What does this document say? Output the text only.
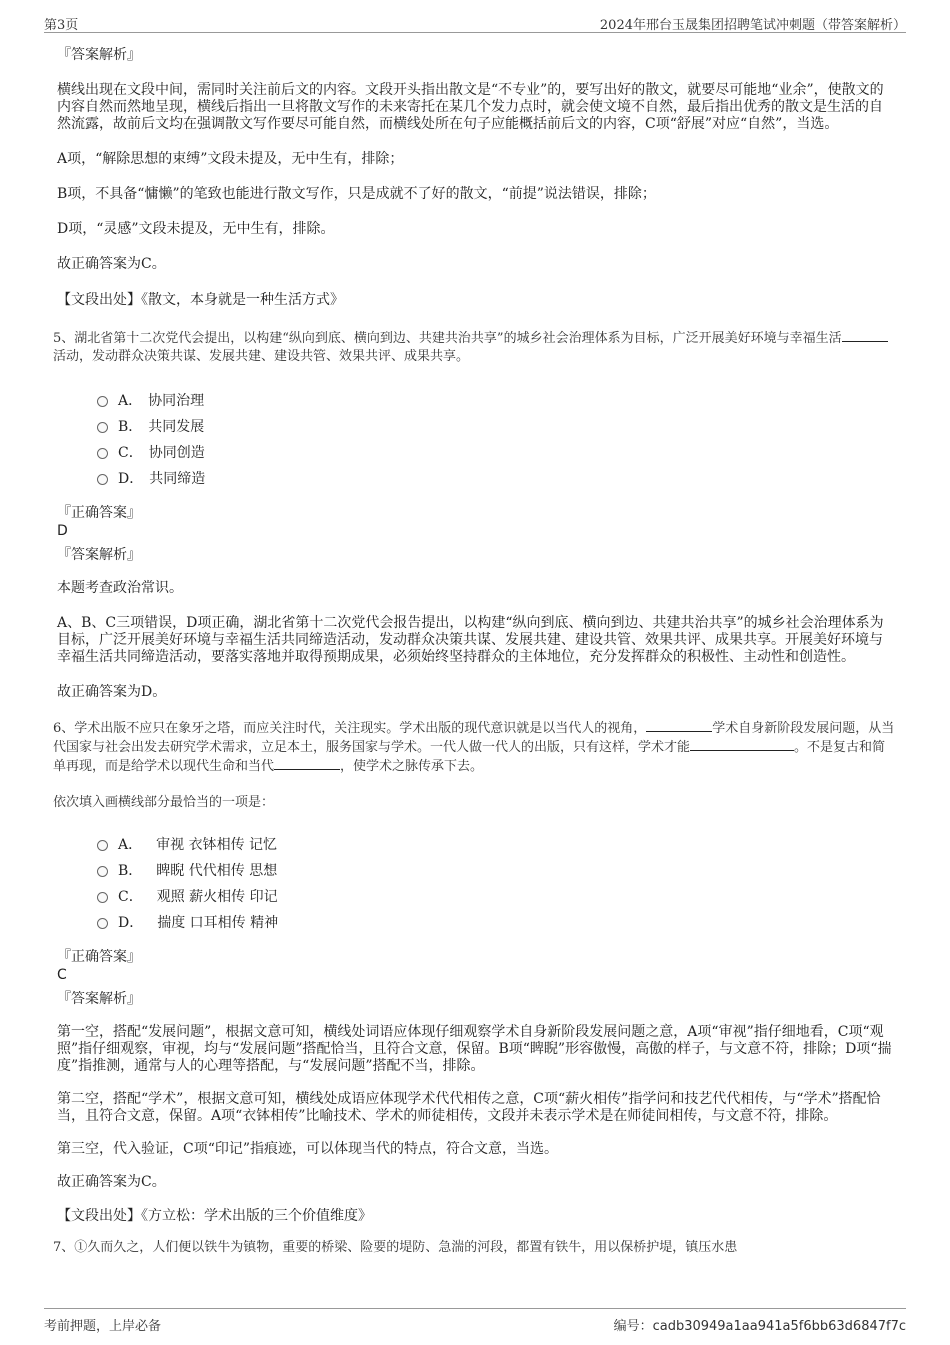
第3页	2024年邢台玉晟集团招聘笔试冲刺题（带答案解析）
『答案解析』

横线出现在文段中间，需同时关注前后文的内容。文段开头指出散文是“不专业”的，要写出好的散文，就要尽可能地“业余”，使散文的内容自然而然地呈现，横线后指出一旦将散文写作的未来寄托在某几个发力点时，就会使文境不自然，最后指出优秀的散文是生活的自然流露，故前后文均在强调散文写作要尽可能自然，而横线处所在句子应能概括前后文的内容，C项“舒展”对应“自然”，当选。

A项，“解除思想的束缚”文段未提及，无中生有，排除；

B项，不具备“慵懒”的笔致也能进行散文写作，只是成就不了好的散文，“前提”说法错误，排除；

D项，“灵感”文段未提及，无中生有，排除。

故正确答案为C。

【文段出处】《散文，本身就是一种生活方式》

5、湖北省第十二次党代会提出，以构建“纵向到底、横向到边、共建共治共享”的城乡社会治理体系为目标，广泛开展美好环境与幸福生活活动，发动群众决策共谋、发展共建、建设共管、效果共评、成果共享。

A． 协同治理
B． 共同发展
C． 协同创造
D． 共同缔造
『正确答案』
D
『答案解析』

本题考查政治常识。

A、B、C三项错误，D项正确，湖北省第十二次党代会报告提出，以构建“纵向到底、横向到边、共建共治共享”的城乡社会治理体系为目标，广泛开展美好环境与幸福生活共同缔造活动，发动群众决策共谋、发展共建、建设共管、效果共评、成果共享。开展美好环境与幸福生活共同缔造活动，要落实落地并取得预期成果，必须始终坚持群众的主体地位，充分发挥群众的积极性、主动性和创造性。

故正确答案为D。

6、学术出版不应只在象牙之塔，而应关注时代，关注现实。学术出版的现代意识就是以当代人的视角，	学术自身新阶段发展问题，从当代国家与社会出发去研究学术需求，立足本土，服务国家与学术。一代人做一代人的出版，只有这样，学术才能	。不是复古和简单再现，而是给学术以现代生命和当代	，使学术之脉传承下去。

依次填入画横线部分最恰当的一项是：

A． 审视 衣钵相传 记忆
B． 睥睨 代代相传 思想
C． 观照 薪火相传 印记
D． 揣度 口耳相传 精神
『正确答案』
C
『答案解析』

第一空，搭配“发展问题”，根据文意可知，横线处词语应体现仔细观察学术自身新阶段发展问题之意，A项“审视”指仔细地看，C项“观照”指仔细观察，审视，均与“发展问题”搭配恰当，且符合文意，保留。B项“睥睨”形容傲慢，高傲的样子，与文意不符，排除；D项“揣度”指推测，通常与人的心理等搭配，与“发展问题”搭配不当，排除。

第二空，搭配“学术”，根据文意可知，横线处成语应体现学术代代相传之意，C项“薪火相传”指学问和技艺代代相传，与“学术”搭配恰当，且符合文意，保留。A项“衣钵相传”比喻技术、学术的师徒相传，文段并未表示学术是在师徒间相传，与文意不符，排除。

第三空，代入验证，C项“印记”指痕迹，可以体现当代的特点，符合文意，当选。

故正确答案为C。

【文段出处】《方立松：学术出版的三个价值维度》

7、①久而久之，人们便以铁牛为镇物，重要的桥梁、险要的堤防、急湍的河段，都置有铁牛，用以保桥护堤，镇压水患

考前押题，上岸必备	编号：cadb30949a1aa941a5f6bb63d6847f7c
